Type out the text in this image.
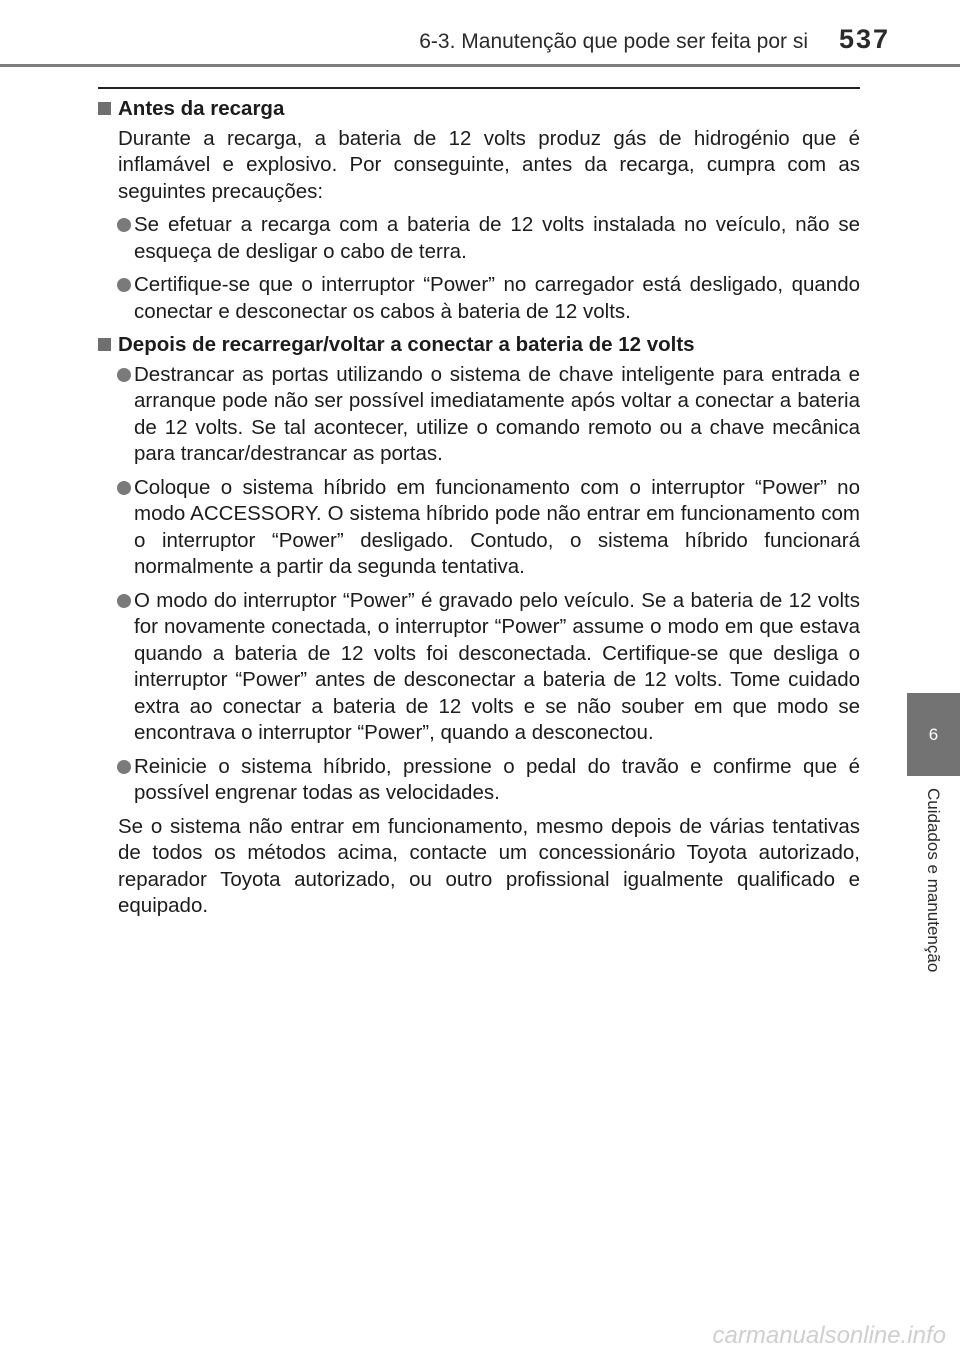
6-3. Manutenção que pode ser feita por si 537
6
Cuidados e manutenção
Antes da recarga
Durante a recarga, a bateria de 12 volts produz gás de hidrogénio que é inflamável e explosivo. Por conseguinte, antes da recarga, cumpra com as seguintes precauções:
Se efetuar a recarga com a bateria de 12 volts instalada no veículo, não se esqueça de desligar o cabo de terra.
Certifique-se que o interruptor “Power” no carregador está desligado, quando conectar e desconectar os cabos à bateria de 12 volts.
Depois de recarregar/voltar a conectar a bateria de 12 volts
Destrancar as portas utilizando o sistema de chave inteligente para entrada e arranque pode não ser possível imediatamente após voltar a conectar a bateria de 12 volts. Se tal acontecer, utilize o comando remoto ou a chave mecânica para trancar/destrancar as portas.
Coloque o sistema híbrido em funcionamento com o interruptor “Power” no modo ACCESSORY. O sistema híbrido pode não entrar em funcionamento com o interruptor “Power” desligado. Contudo, o sistema híbrido funcionará normalmente a partir da segunda tentativa.
O modo do interruptor “Power” é gravado pelo veículo. Se a bateria de 12 volts for novamente conectada, o interruptor “Power” assume o modo em que estava quando a bateria de 12 volts foi desconectada. Certifique-se que desliga o interruptor “Power” antes de desconectar a bateria de 12 volts. Tome cuidado extra ao conectar a bateria de 12 volts e se não souber em que modo se encontrava o interruptor “Power”, quando a desconectou.
Reinicie o sistema híbrido, pressione o pedal do travão e confirme que é possível engrenar todas as velocidades.
Se o sistema não entrar em funcionamento, mesmo depois de várias tentativas de todos os métodos acima, contacte um concessionário Toyota autorizado, reparador Toyota autorizado, ou outro profissional igualmente qualificado e equipado.
carmanualsonline.info
